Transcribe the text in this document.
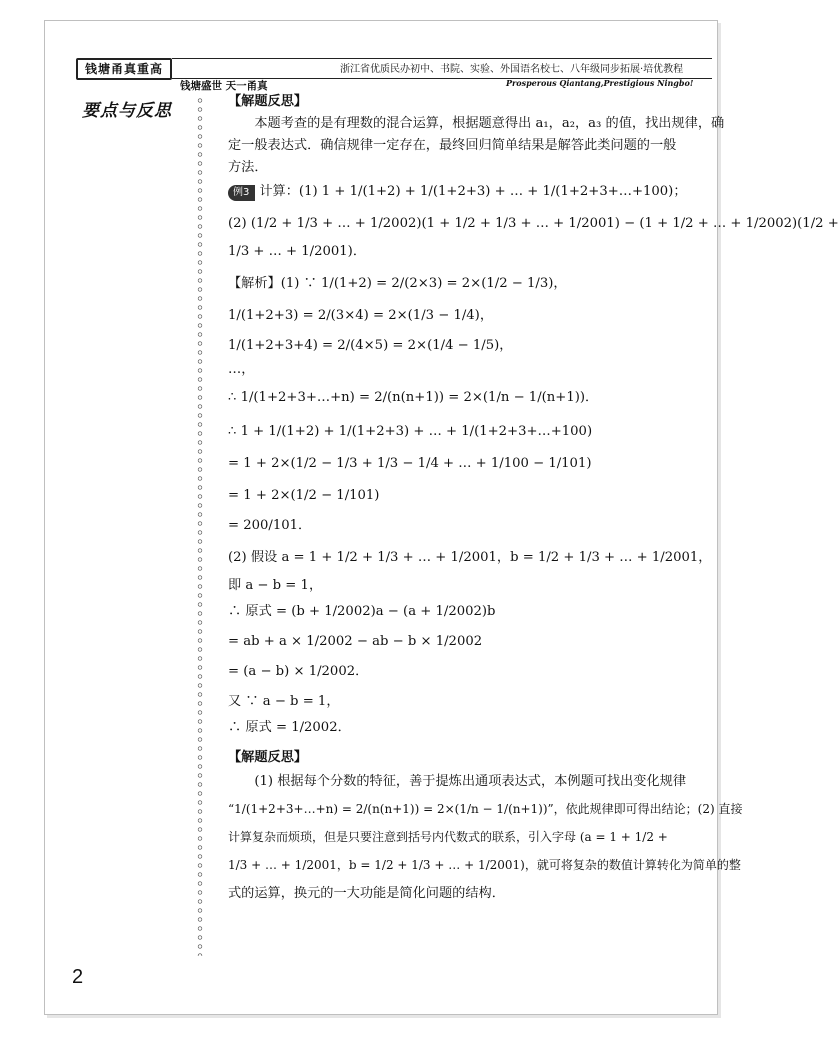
钱塘甬真重高	浙江省优质民办初中、书院、实验、外国语名校七、八年级同步拓展·培优教程
钱塘盛世 天一甬真	Prosperous Qiantang,Prestigious Ningbo!
要点与反思	【解题反思】
　　本题考查的是有理数的混合运算，根据题意得出 a₁，a₂，a₃ 的值，找出规律，确
定一般表达式．确信规律一定存在，最终回归简单结果是解答此类问题的一般
方法．
例3 计算：(1) 1 + 1/(1+2) + 1/(1+2+3) + … + 1/(1+2+3+…+100)；
(2) (1/2 + 1/3 + … + 1/2002)(1 + 1/2 + 1/3 + … + 1/2001) − (1 + 1/2 + … + 1/2002)(1/2 +
1/3 + … + 1/2001)．
【解析】(1) ∵ 1/(1+2) = 2/(2×3) = 2×(1/2 − 1/3)，
1/(1+2+3) = 2/(3×4) = 2×(1/3 − 1/4)，
1/(1+2+3+4) = 2/(4×5) = 2×(1/4 − 1/5)，
…，
∴ 1/(1+2+3+…+n) = 2/(n(n+1)) = 2×(1/n − 1/(n+1))．
∴ 1 + 1/(1+2) + 1/(1+2+3) + … + 1/(1+2+3+…+100)
= 1 + 2×(1/2 − 1/3 + 1/3 − 1/4 + … + 1/100 − 1/101)
= 1 + 2×(1/2 − 1/101)
= 200/101．
(2) 假设 a = 1 + 1/2 + 1/3 + … + 1/2001，b = 1/2 + 1/3 + … + 1/2001，
即 a − b = 1，
∴ 原式 = (b + 1/2002)a − (a + 1/2002)b
= ab + a × 1/2002 − ab − b × 1/2002
= (a − b) × 1/2002．
又 ∵ a − b = 1，
∴ 原式 = 1/2002．
【解题反思】
　　(1) 根据每个分数的特征，善于提炼出通项表达式，本例题可找出变化规律
“1/(1+2+3+…+n) = 2/(n(n+1)) = 2×(1/n − 1/(n+1))”，依此规律即可得出结论；(2) 直接
计算复杂而烦琐，但是只要注意到括号内代数式的联系，引入字母 (a = 1 + 1/2 +
1/3 + … + 1/2001，b = 1/2 + 1/3 + … + 1/2001)，就可将复杂的数值计算转化为简单的整
式的运算，换元的一大功能是简化问题的结构．
2
